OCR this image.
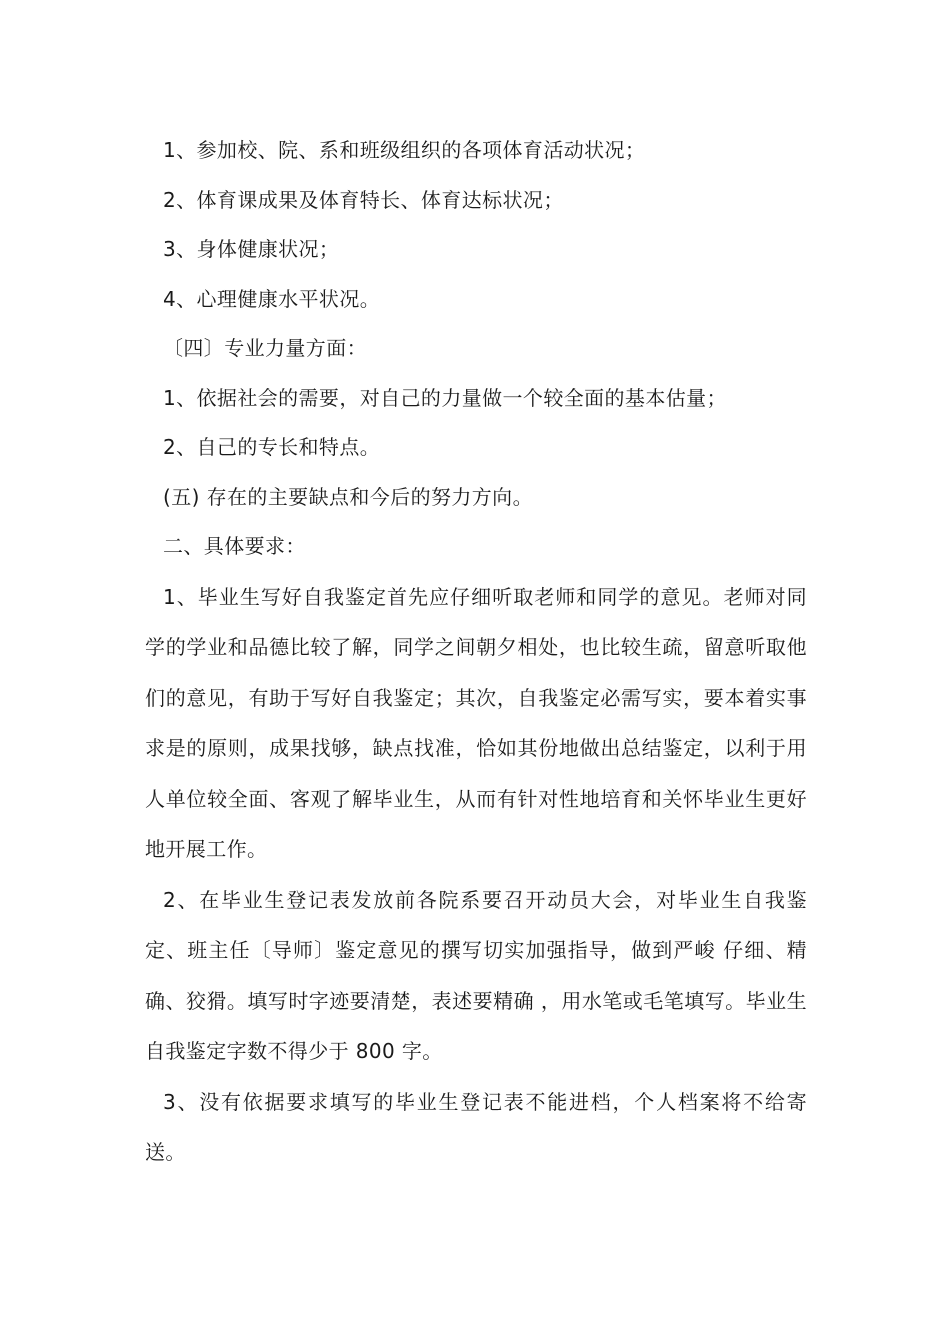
1、参加校、院、系和班级组织的各项体育活动状况；
2、体育课成果及体育特长、体育达标状况；
3、身体健康状况；
4、心理健康水平状况。
〔四〕专业力量方面：
1、依据社会的需要，对自己的力量做一个较全面的基本估量；
2、自己的专长和特点。
(五) 存在的主要缺点和今后的努力方向。
二、具体要求：

1、毕业生写好自我鉴定首先应仔细听取老师和同学的意见。老师对同学的学业和品德比较了解，同学之间朝夕相处，也比较生疏，留意听取他们的意见，有助于写好自我鉴定；其次，自我鉴定必需写实，要本着实事求是的原则，成果找够，缺点找准，恰如其份地做出总结鉴定，以利于用人单位较全面、客观了解毕业生，从而有针对性地培育和关怀毕业生更好地开展工作。

2、在毕业生登记表发放前各院系要召开动员大会，对毕业生自我鉴定、班主任〔导师〕鉴定意见的撰写切实加强指导，做到严峻 仔细、精确、狡猾。填写时字迹要清楚，表述要精确 ，用水笔或毛笔填写。毕业生自我鉴定字数不得少于 800 字。

3、没有依据要求填写的毕业生登记表不能进档，个人档案将不给寄送。
